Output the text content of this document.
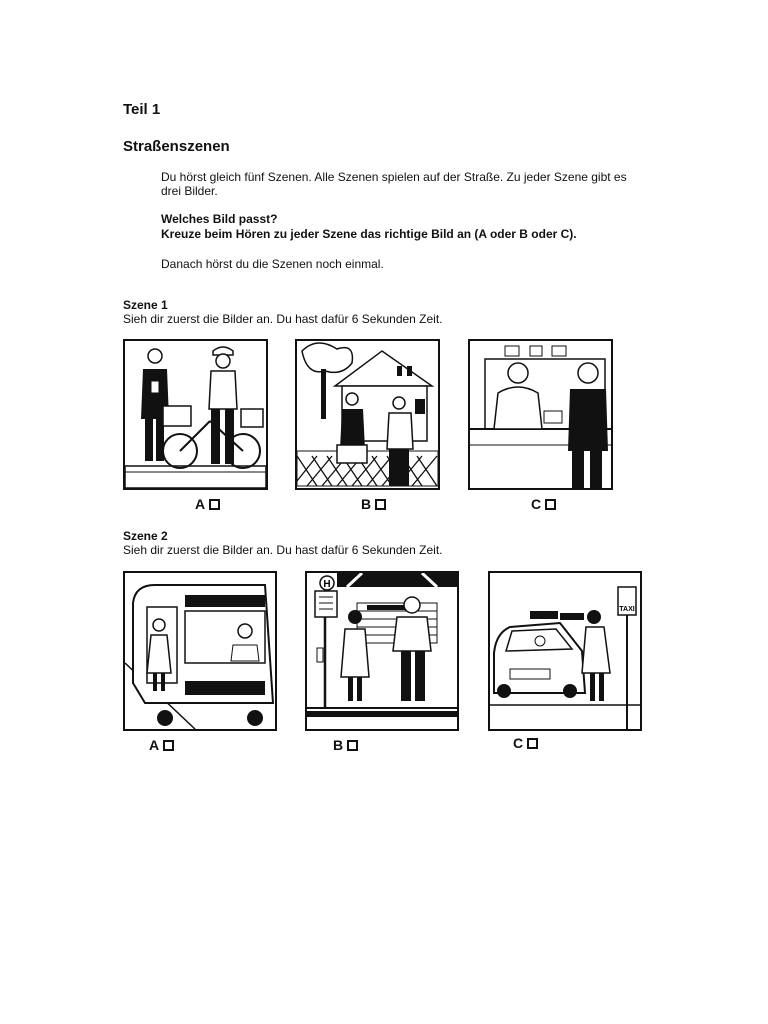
Teil 1
Straßenszenen
Du hörst gleich fünf Szenen. Alle Szenen spielen auf der Straße. Zu jeder Szene gibt es drei Bilder.
Welches Bild passt?
Kreuze beim Hören zu jeder Szene das richtige Bild an (A oder B oder C).
Danach hörst du die Szenen noch einmal.
Szene 1
Sieh dir zuerst die Bilder an. Du hast dafür 6 Sekunden Zeit.
A	B	C
Szene 2
Sieh dir zuerst die Bilder an. Du hast dafür 6 Sekunden Zeit.
A
H
B
TAXI
C
